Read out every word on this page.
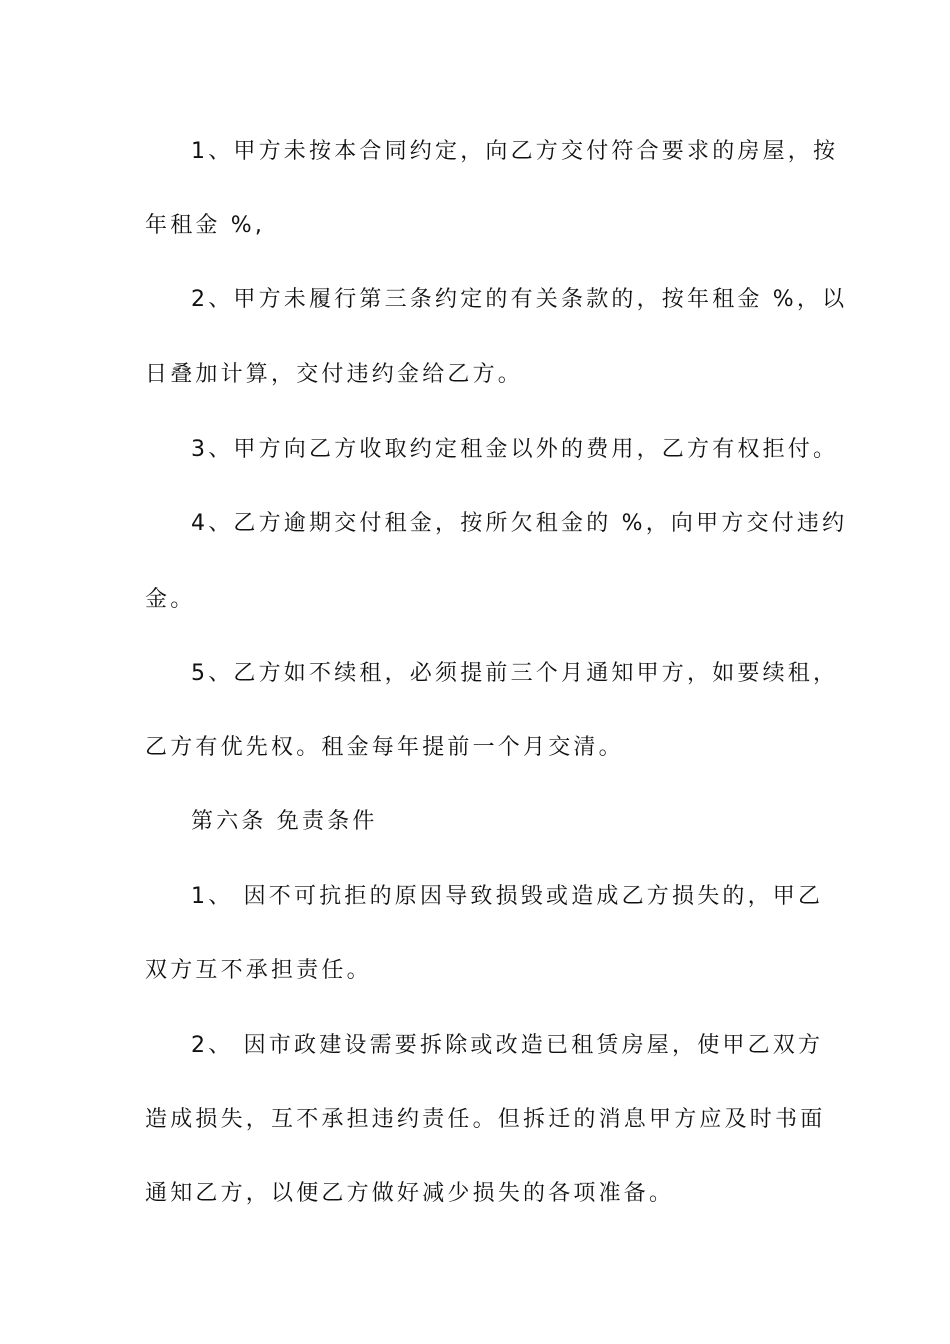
1、甲方未按本合同约定，向乙方交付符合要求的房屋，按
年租金 %,
2、甲方未履行第三条约定的有关条款的，按年租金 %，以
日叠加计算，交付违约金给乙方。
3、甲方向乙方收取约定租金以外的费用，乙方有权拒付。
4、乙方逾期交付租金，按所欠租金的 %，向甲方交付违约
金。
5、乙方如不续租，必须提前三个月通知甲方，如要续租，
乙方有优先权。租金每年提前一个月交清。
第六条 免责条件
1、 因不可抗拒的原因导致损毁或造成乙方损失的，甲乙
双方互不承担责任。
2、 因市政建设需要拆除或改造已租赁房屋，使甲乙双方
造成损失，互不承担违约责任。但拆迁的消息甲方应及时书面
通知乙方，以便乙方做好减少损失的各项准备。
